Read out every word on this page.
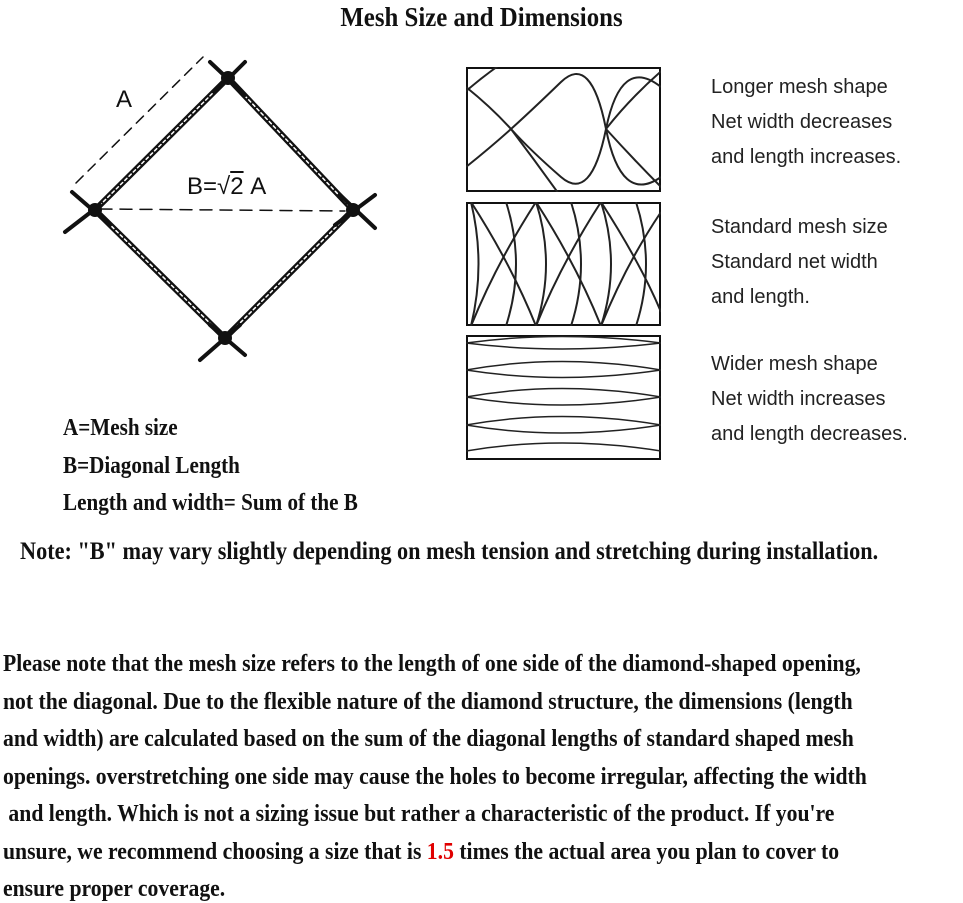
Mesh Size and Dimensions
A
B=√2 A
Longer mesh shape
Net width decreases
and length increases.
Standard mesh size
Standard net width
and length.
Wider mesh shape
Net width increases
and length decreases.
A=Mesh size
B=Diagonal Length
Length and width= Sum of the B
Note: "B" may vary slightly depending on mesh tension and stretching during installation.
Please note that the mesh size refers to the length of one side of the diamond-shaped opening,
not the diagonal. Due to the flexible nature of the diamond structure, the dimensions (length
and width) are calculated based on the sum of the diagonal lengths of standard shaped mesh
openings. overstretching one side may cause the holes to become irregular, affecting the width
and length. Which is not a sizing issue but rather a characteristic of the product. If you're
unsure, we recommend choosing a size that is 1.5 times the actual area you plan to cover to
ensure proper coverage.
